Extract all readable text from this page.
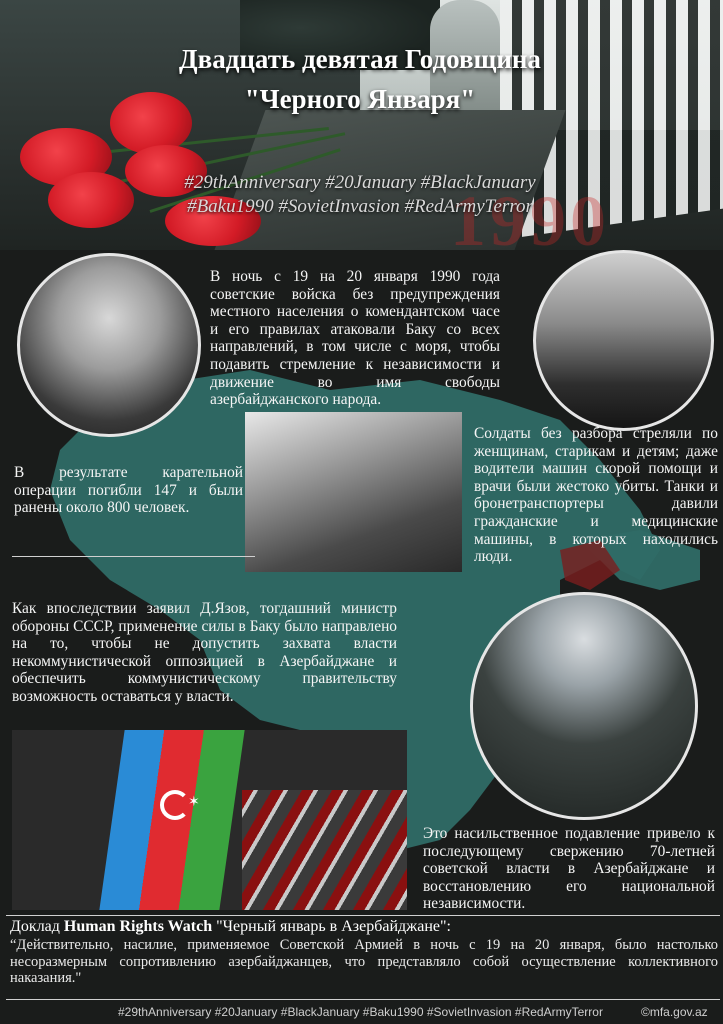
1990
Двадцать девятая Годовщина
"Черного Января"
#29thAnniversary #20January #BlackJanuary
#Baku1990 #SovietInvasion #RedArmyTerror
✶
В ночь с 19 на 20 января 1990 года советские войска без предупреждения местного населения о комендантском часе и его правилах атаковали Баку со всех направлений, в том числе с моря, чтобы подавить стремление к независимости и движение во имя свободы азербайджанского народа.
В результате карательной операции погибли 147 и были ранены около 800 человек.
Солдаты без разбора стреляли по женщинам, старикам и детям; даже водители машин скорой помощи и врачи были жестоко убиты. Танки и бронетранспортеры давили гражданские и медицинские машины, в которых находились люди.
Как впоследствии заявил Д.Язов, тогдашний министр обороны СССР, применение силы в Баку было направлено на то, чтобы не допустить захвата власти некоммунистической оппозицией в Азербайджане и обеспечить коммунистическому правительству возможность оставаться у власти.
Это насильственное подавление привело к последующему свержению 70-летней советской власти в Азербайджане и восстановлению его национальной независимости.
Доклад Human Rights Watch "Черный январь в Азербайджане":
“Действительно, насилие, применяемое Советской Армией в ночь с 19 на 20 января, было настолько несоразмерным сопротивлению азербайджанцев, что представляло собой осуществление коллективного наказания."
#29thAnniversary #20January #BlackJanuary #Baku1990 #SovietInvasion #RedArmyTerror	©mfa.gov.az
